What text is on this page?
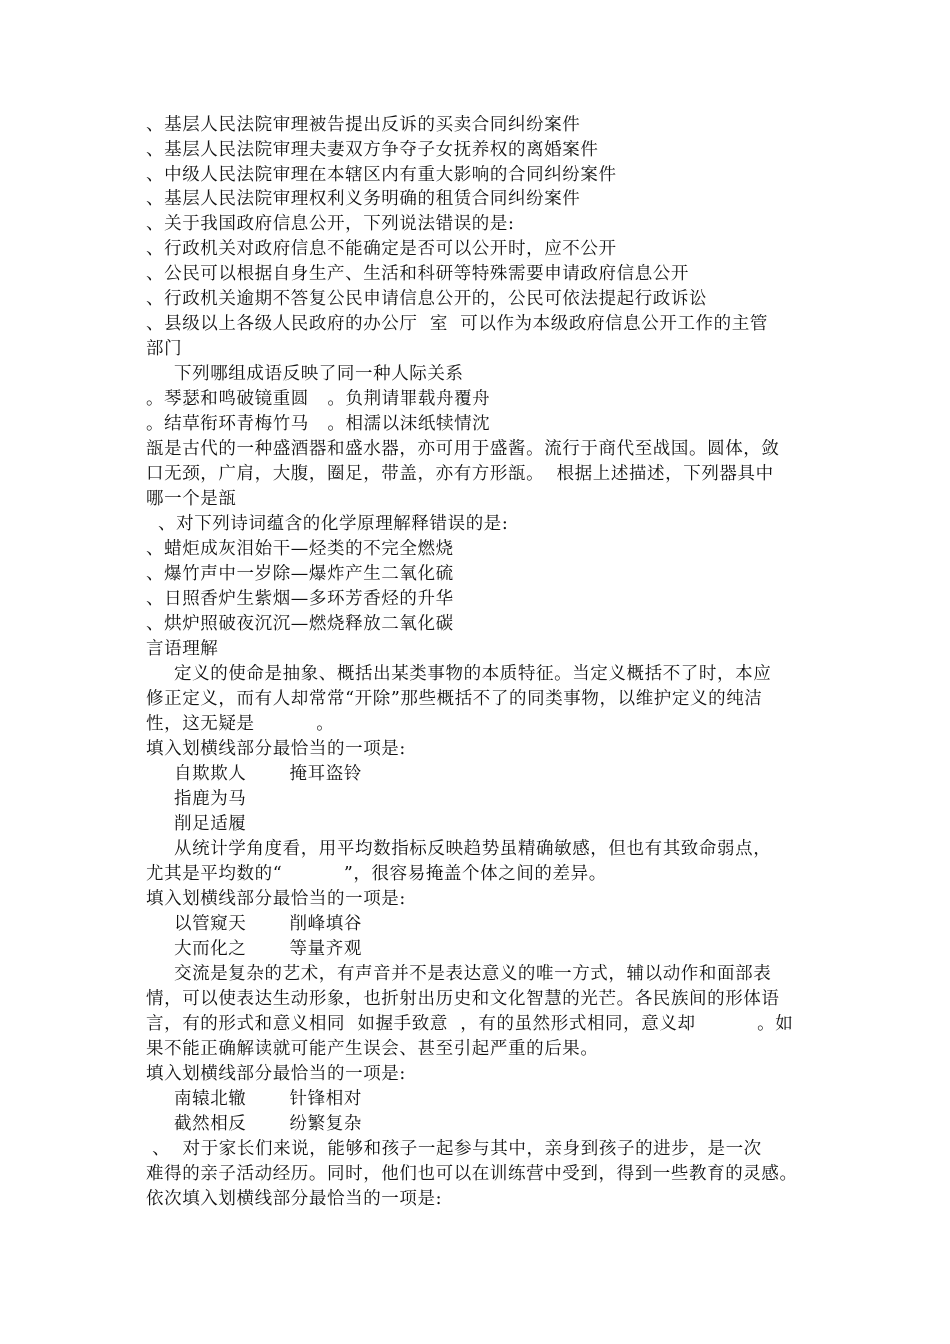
、基层人民法院审理被告提出反诉的买卖合同纠纷案件
、基层人民法院审理夫妻双方争夺子女抚养权的离婚案件
、中级人民法院审理在本辖区内有重大影响的合同纠纷案件
、基层人民法院审理权利义务明确的租赁合同纠纷案件
、关于我国政府信息公开，下列说法错误的是:
、行政机关对政府信息不能确定是否可以公开时，应不公开
、公民可以根据自身生产、生活和科研等特殊需要申请政府信息公开
、行政机关逾期不答复公民申请信息公开的，公民可依法提起行政诉讼
、县级以上各级人民政府的办公厅  室  可以作为本级政府信息公开工作的主管
部门
下列哪组成语反映了同一种人际关系
。琴瑟和鸣破镜重圆   。负荆请罪载舟覆舟
。结草衔环青梅竹马   。相濡以沫纸犊情沈
瓿是古代的一种盛酒器和盛水器，亦可用于盛酱。流行于商代至战国。圆体，敛
口无颈，广肩，大腹，圈足，带盖，亦有方形瓿。  根据上述描述，下列器具中
哪一个是瓿
、对下列诗词蕴含的化学原理解释错误的是:
、蜡炬成灰泪始干—烃类的不完全燃烧
、爆竹声中一岁除—爆炸产生二氧化硫
、日照香炉生紫烟—多环芳香烃的升华
、烘炉照破夜沉沉—燃烧释放二氧化碳
言语理解
定义的使命是抽象、概括出某类事物的本质特征。当定义概括不了时，本应
修正定义，而有人却常常“开除”那些概括不了的同类事物，以维护定义的纯洁
性，这无疑是          。
填入划横线部分最恰当的一项是:
自欺欺人       掩耳盗铃
指鹿为马
削足适履
从统计学角度看，用平均数指标反映趋势虽精确敏感，但也有其致命弱点，
尤其是平均数的“          ”，很容易掩盖个体之间的差异。
填入划横线部分最恰当的一项是:
以管窥天       削峰填谷
大而化之       等量齐观
交流是复杂的艺术，有声音并不是表达意义的唯一方式，辅以动作和面部表
情，可以使表达生动形象，也折射出历史和文化智慧的光芒。各民族间的形体语
言，有的形式和意义相同  如握手致意  ，有的虽然形式相同，意义却          。如
果不能正确解读就可能产生误会、甚至引起严重的后果。
填入划横线部分最恰当的一项是:
南辕北辙       针锋相对
截然相反       纷繁复杂
、  对于家长们来说，能够和孩子一起参与其中，亲身到孩子的进步，是一次
难得的亲子活动经历。同时，他们也可以在训练营中受到，得到一些教育的灵感。
依次填入划横线部分最恰当的一项是:
